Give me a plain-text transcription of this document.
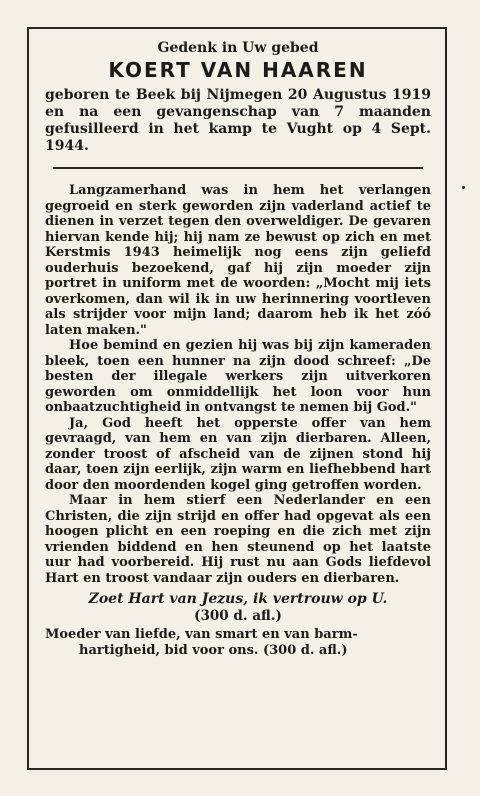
Gedenk in Uw gebed
KOERT VAN HAAREN
geboren te Beek bij Nijmegen 20 Augustus 1919 en na een gevangenschap van 7 maanden gefusilleerd in het kamp te Vught op 4 Sept. 1944.

Langzamerhand was in hem het verlangen gegroeid en sterk geworden zijn vaderland actief te dienen in verzet tegen den overweldiger. De gevaren hiervan kende hij; hij nam ze bewust op zich en met Kerstmis 1943 heimelijk nog eens zijn geliefd ouderhuis bezoekend, gaf hij zijn moeder zijn portret in uniform met de woorden: „Mocht mij iets overkomen, dan wil ik in uw herinnering voortleven als strijder voor mijn land; daarom heb ik het zóó laten maken."

Hoe bemind en gezien hij was bij zijn kameraden bleek, toen een hunner na zijn dood schreef: „De besten der illegale werkers zijn uitverkoren geworden om onmiddellijk het loon voor hun onbaatzuchtigheid in ontvangst te nemen bij God."

Ja, God heeft het opperste offer van hem gevraagd, van hem en van zijn dierbaren. Alleen, zonder troost of afscheid van de zijnen stond hij daar, toen zijn eerlijk, zijn warm en liefhebbend hart door den moordenden kogel ging getroffen worden.

Maar in hem stierf een Nederlander en een Christen, die zijn strijd en offer had opgevat als een hoogen plicht en een roeping en die zich met zijn vrienden biddend en hen steunend op het laatste uur had voorbereid. Hij rust nu aan Gods liefdevol Hart en troost vandaar zijn ouders en dierbaren.

Zoet Hart van Jezus, ik vertrouw op U.
(300 d. afl.)
Moeder van liefde, van smart en van barm-
hartigheid, bid voor ons. (300 d. afl.)
